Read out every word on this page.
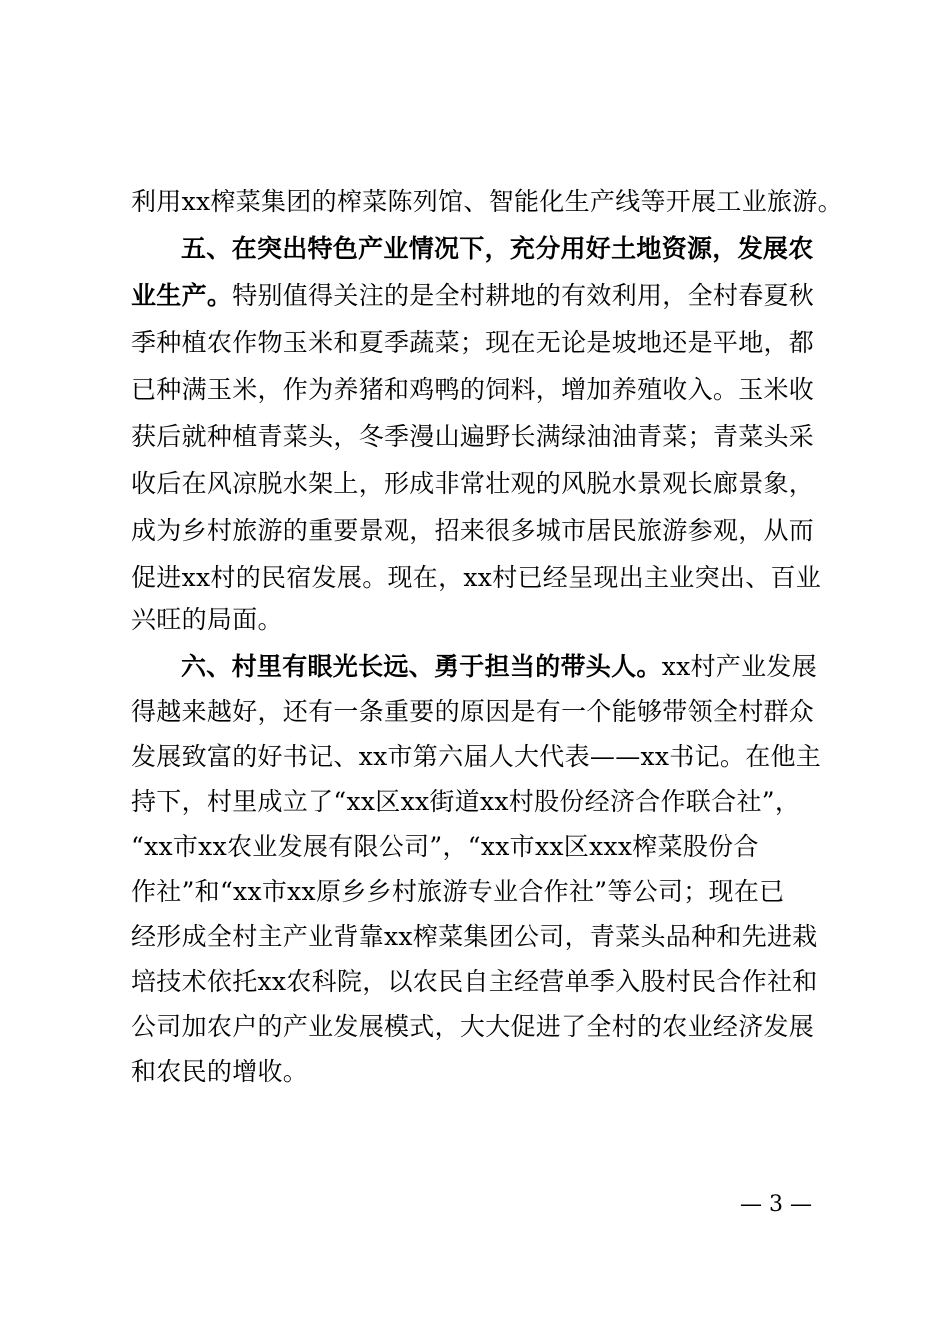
利用xx榨菜集团的榨菜陈列馆、智能化生产线等开展工业旅游。
五、在突出特色产业情况下，充分用好土地资源，发展农
业生产。特别值得关注的是全村耕地的有效利用，全村春夏秋
季种植农作物玉米和夏季蔬菜；现在无论是坡地还是平地，都
已种满玉米，作为养猪和鸡鸭的饲料，增加养殖收入。玉米收
获后就种植青菜头，冬季漫山遍野长满绿油油青菜；青菜头采
收后在风凉脱水架上，形成非常壮观的风脱水景观长廊景象，
成为乡村旅游的重要景观，招来很多城市居民旅游参观，从而
促进xx村的民宿发展。现在，xx村已经呈现出主业突出、百业
兴旺的局面。
六、村里有眼光长远、勇于担当的带头人。xx村产业发展
得越来越好，还有一条重要的原因是有一个能够带领全村群众
发展致富的好书记、xx市第六届人大代表——xx书记。在他主
持下，村里成立了“xx区xx街道xx村股份经济合作联合社”，
“xx市xx农业发展有限公司”，“xx市xx区xxx榨菜股份合
作社”和“xx市xx原乡乡村旅游专业合作社”等公司；现在已
经形成全村主产业背靠xx榨菜集团公司，青菜头品种和先进栽
培技术依托xx农科院，以农民自主经营单季入股村民合作社和
公司加农户的产业发展模式，大大促进了全村的农业经济发展
和农民的增收。
— 3 —
